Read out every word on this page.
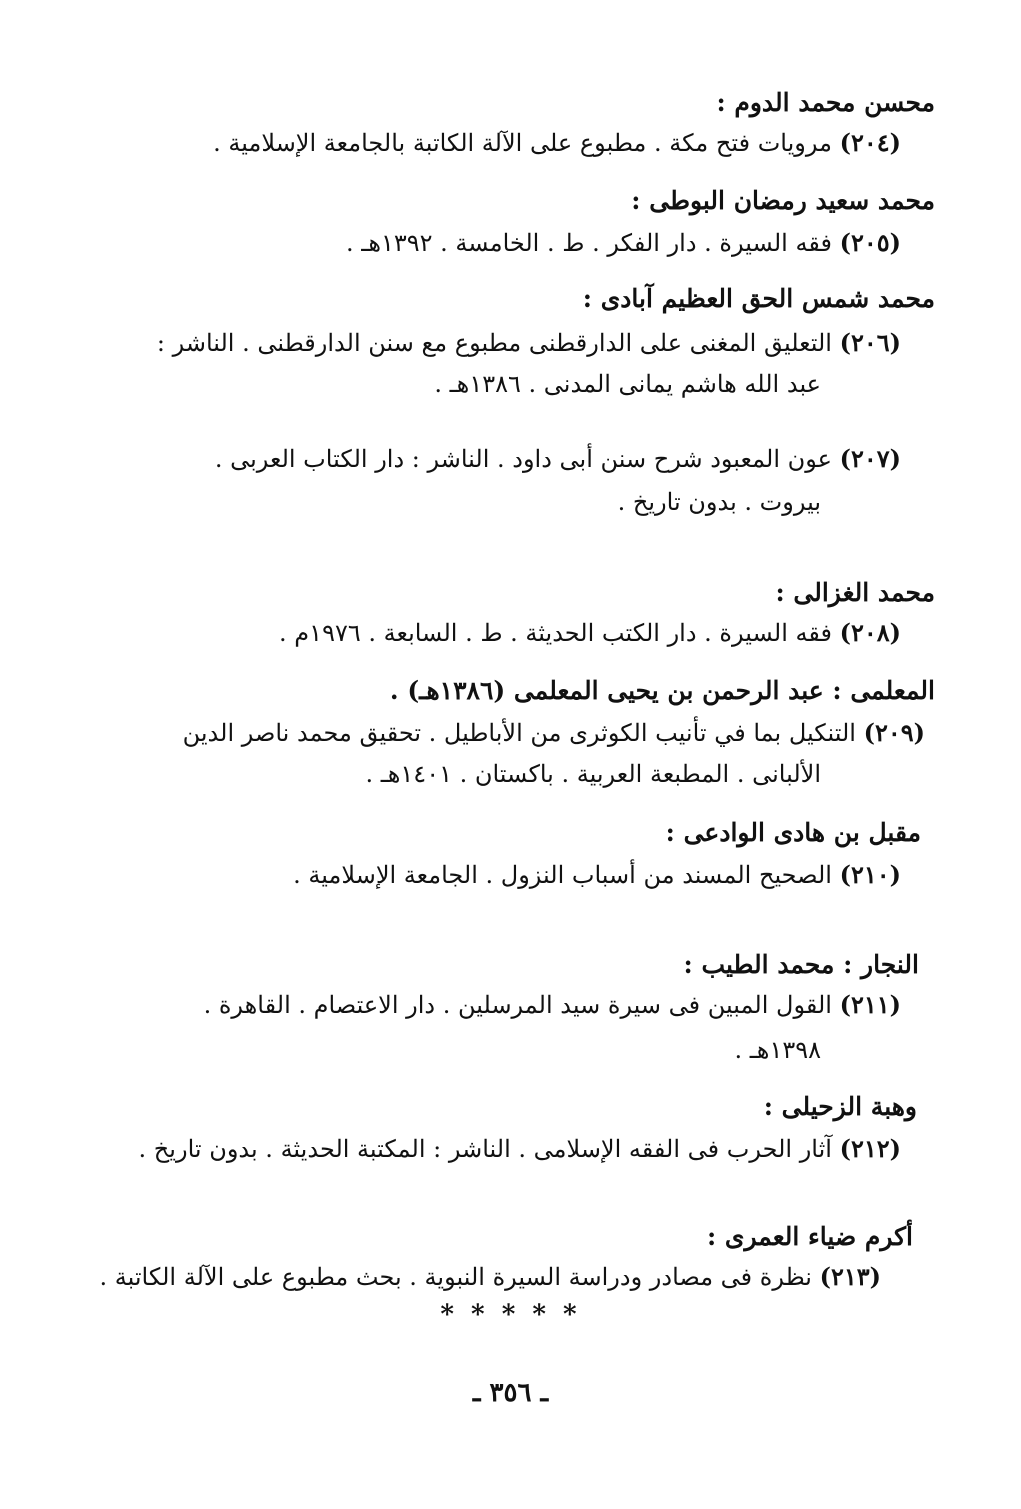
محسن محمد الدوم :
(٢٠٤) مرويات فتح مكة . مطبوع على الآلة الكاتبة بالجامعة الإسلامية .
محمد سعيد رمضان البوطى :
(٢٠٥) فقه السيرة . دار الفكر . ط . الخامسة . ١٣٩٢هـ .
محمد شمس الحق العظيم آبادى :
(٢٠٦) التعليق المغنى على الدارقطنى مطبوع مع سنن الدارقطنى . الناشر :
عبد الله هاشم يمانى المدنى . ١٣٨٦هـ .
(٢٠٧) عون المعبود شرح سنن أبى داود . الناشر : دار الكتاب العربى .
بيروت . بدون تاريخ .
محمد الغزالى :
(٢٠٨) فقه السيرة . دار الكتب الحديثة . ط . السابعة . ١٩٧٦م .
المعلمى : عبد الرحمن بن يحيى المعلمى (١٣٨٦هـ) .
(٢٠٩) التنكيل بما في تأنيب الكوثرى من الأباطيل . تحقيق محمد ناصر الدين
الألبانى . المطبعة العربية . باكستان . ١٤٠١هـ .
مقبل بن هادى الوادعى :
(٢١٠) الصحيح المسند من أسباب النزول . الجامعة الإسلامية .
النجار : محمد الطيب :
(٢١١) القول المبين فى سيرة سيد المرسلين . دار الاعتصام . القاهرة .
١٣٩٨هـ .
وهبة الزحيلى :
(٢١٢) آثار الحرب فى الفقه الإسلامى . الناشر : المكتبة الحديثة . بدون تاريخ .
أكرم ضياء العمرى :
(٢١٣) نظرة فى مصادر ودراسة السيرة النبوية . بحث مطبوع على الآلة الكاتبة .
* * * * *
ـ ٣٥٦ ـ
